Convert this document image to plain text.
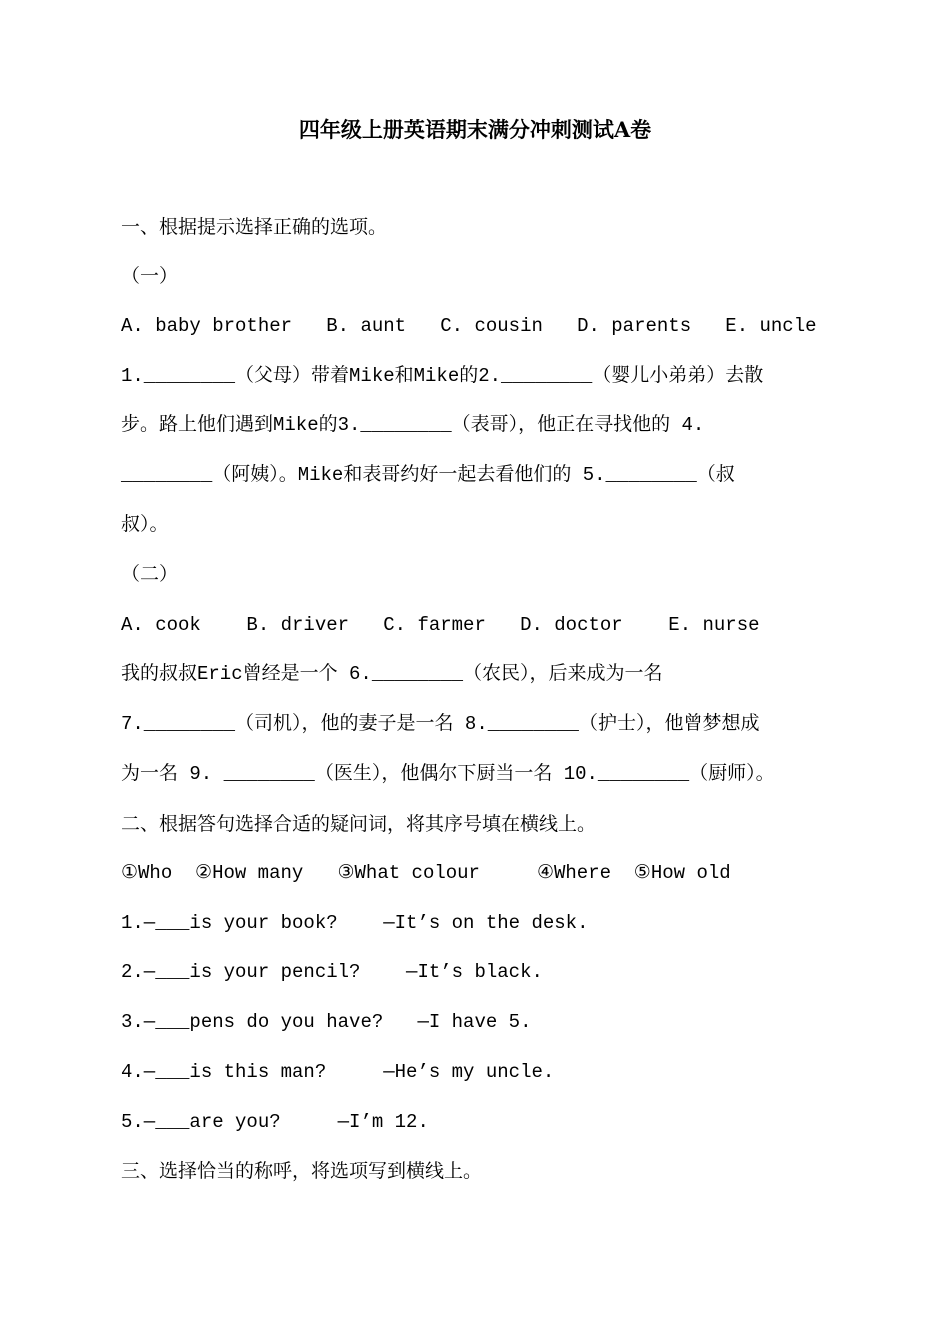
四年级上册英语期末满分冲刺测试A卷
一、根据提示选择正确的选项。
（一）
A. baby brother   B. aunt   C. cousin   D. parents   E. uncle
1.________（父母）带着Mike和Mike的2.________（婴儿小弟弟）去散
步。路上他们遇到Mike的3.________（表哥），他正在寻找他的 4.
________（阿姨）。Mike和表哥约好一起去看他们的 5.________（叔
叔）。
（二）
A. cook    B. driver   C. farmer   D. doctor    E. nurse
我的叔叔Eric曾经是一个 6.________（农民），后来成为一名
7.________（司机），他的妻子是一名 8.________（护士），他曾梦想成
为一名 9. ________（医生），他偶尔下厨当一名 10.________（厨师）。
二、根据答句选择合适的疑问词，将其序号填在横线上。
①Who  ②How many   ③What colour     ④Where  ⑤How old
1.—___is your book?    —It’s on the desk.
2.—___is your pencil?    —It’s black.
3.—___pens do you have?   —I have 5.
4.—___is this man?     —He’s my uncle.
5.—___are you?     —I’m 12.
三、选择恰当的称呼，将选项写到横线上。
